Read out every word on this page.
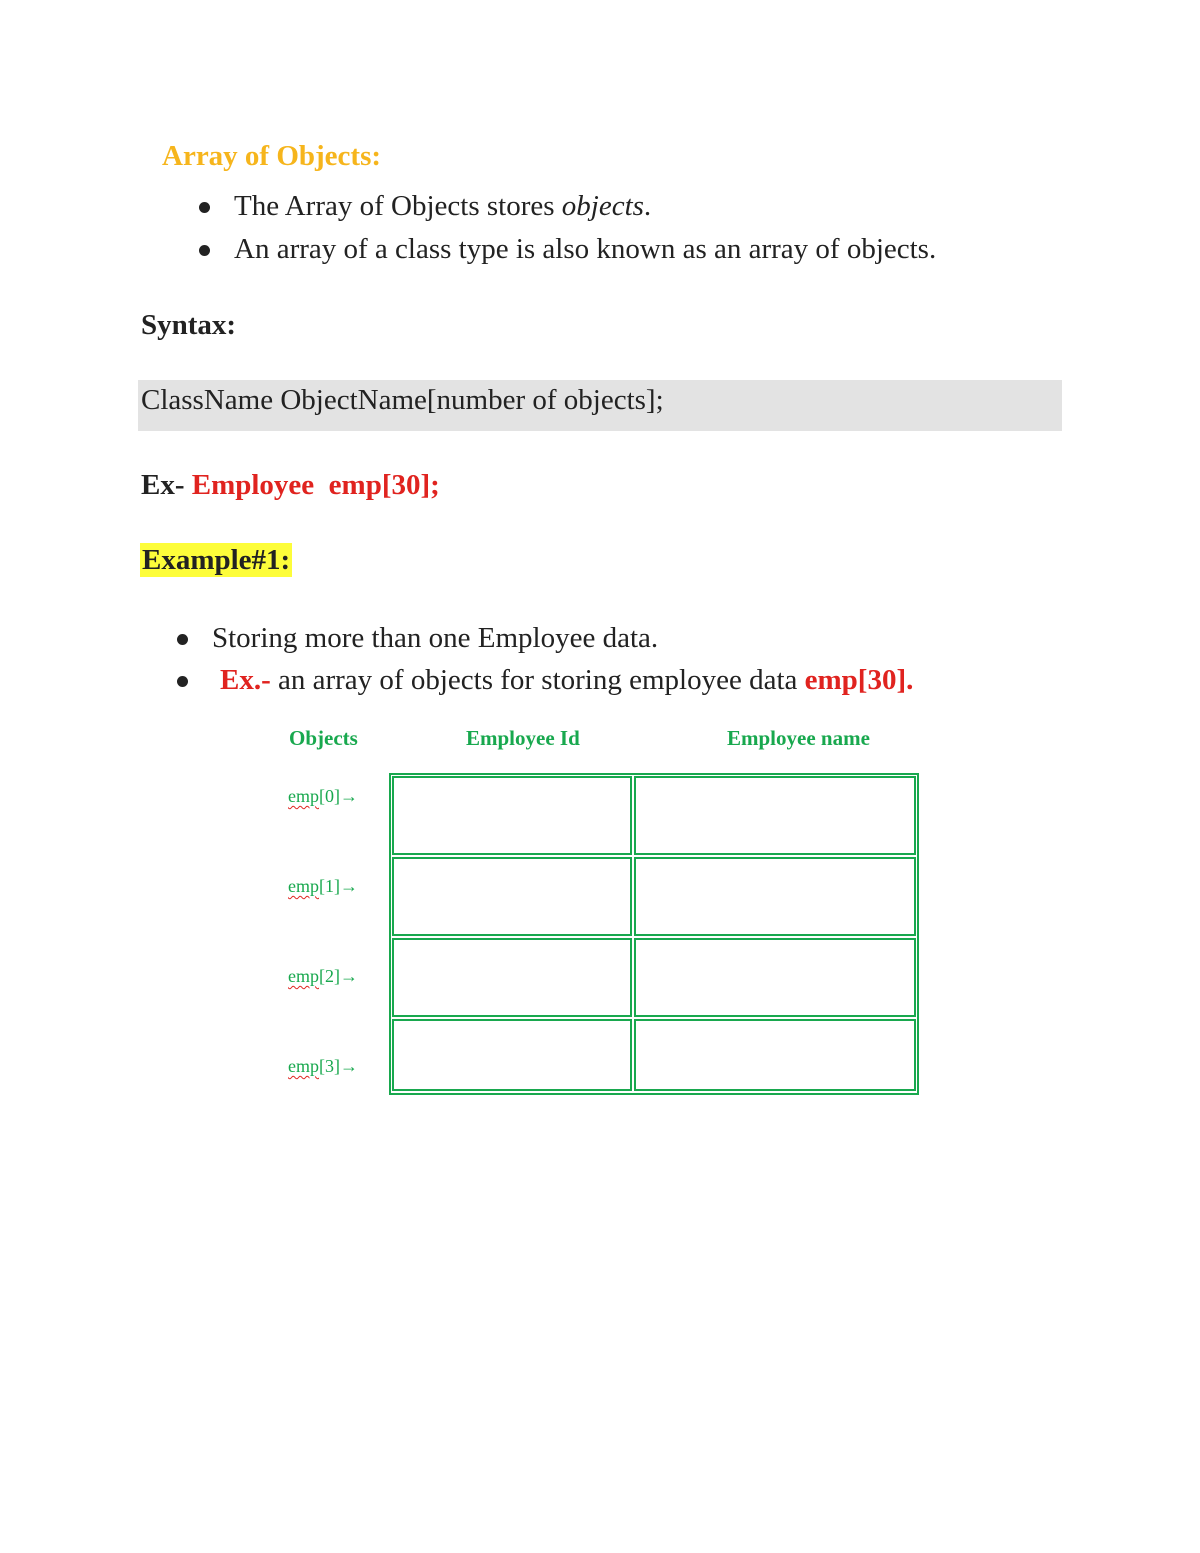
Array of Objects:
The Array of Objects stores objects.
An array of a class type is also known as an array of objects.
Syntax:
ClassName ObjectName[number of objects];
Ex- Employee  emp[30];
Example#1:
Storing more than one Employee data.
Ex.- an array of objects for storing employee data emp[30].
Objects	Employee Id	Employee name
emp[0]→
emp[1]→
emp[2]→
emp[3]→
